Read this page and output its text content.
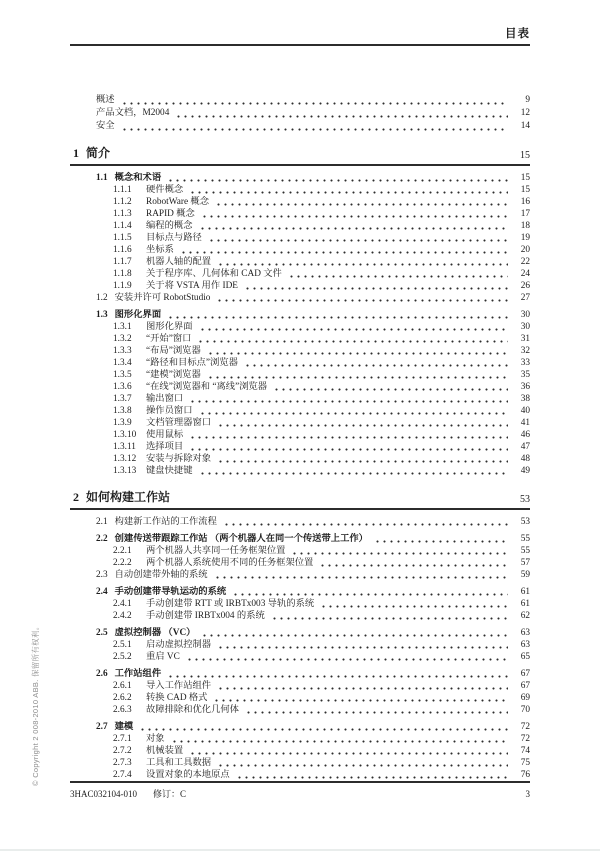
目表
概述	9
产品文档，M2004	12
安全	14
1 简介	15
1.1 概念和术语	15
1.1.1	硬件概念	15
1.1.2	RobotWare 概念	16
1.1.3	RAPID 概念	17
1.1.4	编程的概念	18
1.1.5	目标点与路径	19
1.1.6	坐标系	20
1.1.7	机器人轴的配置	22
1.1.8	关于程序库、几何体和 CAD 文件	24
1.1.9	关于将 VSTA 用作 IDE	26
1.2 安装并许可 RobotStudio	27
1.3 图形化界面	30
1.3.1	图形化界面	30
1.3.2	“开始”窗口	31
1.3.3	“布局”浏览器	32
1.3.4	“路径和目标点”浏览器	33
1.3.5	“建模”浏览器	35
1.3.6	“在线”浏览器和 “离线”浏览器	36
1.3.7	输出窗口	38
1.3.8	操作员窗口	40
1.3.9	文档管理器窗口	41
1.3.10	使用鼠标	46
1.3.11	选择项目	47
1.3.12	安装与拆除对象	48
1.3.13	键盘快捷键	49
2 如何构建工作站	53
2.1 构建新工作站的工作流程	53
2.2 创建传送带跟踪工作站 （两个机器人在同一个传送带上工作）	55
2.2.1	两个机器人共享同一任务框架位置	55
2.2.2	两个机器人系统使用不同的任务框架位置	57
2.3 自动创建带外轴的系统	59
2.4 手动创建带导轨运动的系统	61
2.4.1	手动创建带 RTT 或 IRBTx003 导轨的系统	61
2.4.2	手动创建带 IRBTx004 的系统	62
2.5 虚拟控制器 （VC）	63
2.5.1	启动虚拟控制器	63
2.5.2	重启 VC	65
2.6 工作站组件	67
2.6.1	导入工作站组件	67
2.6.2	转换 CAD 格式	69
2.6.3	故障排除和优化几何体	70
2.7 建模	72
2.7.1	对象	72
2.7.2	机械装置	74
2.7.3	工具和工具数据	75
2.7.4	设置对象的本地原点	76
© Copyright 2 008-2010 ABB. 保留所有权利。
3HAC032104-010 修订：C	3
